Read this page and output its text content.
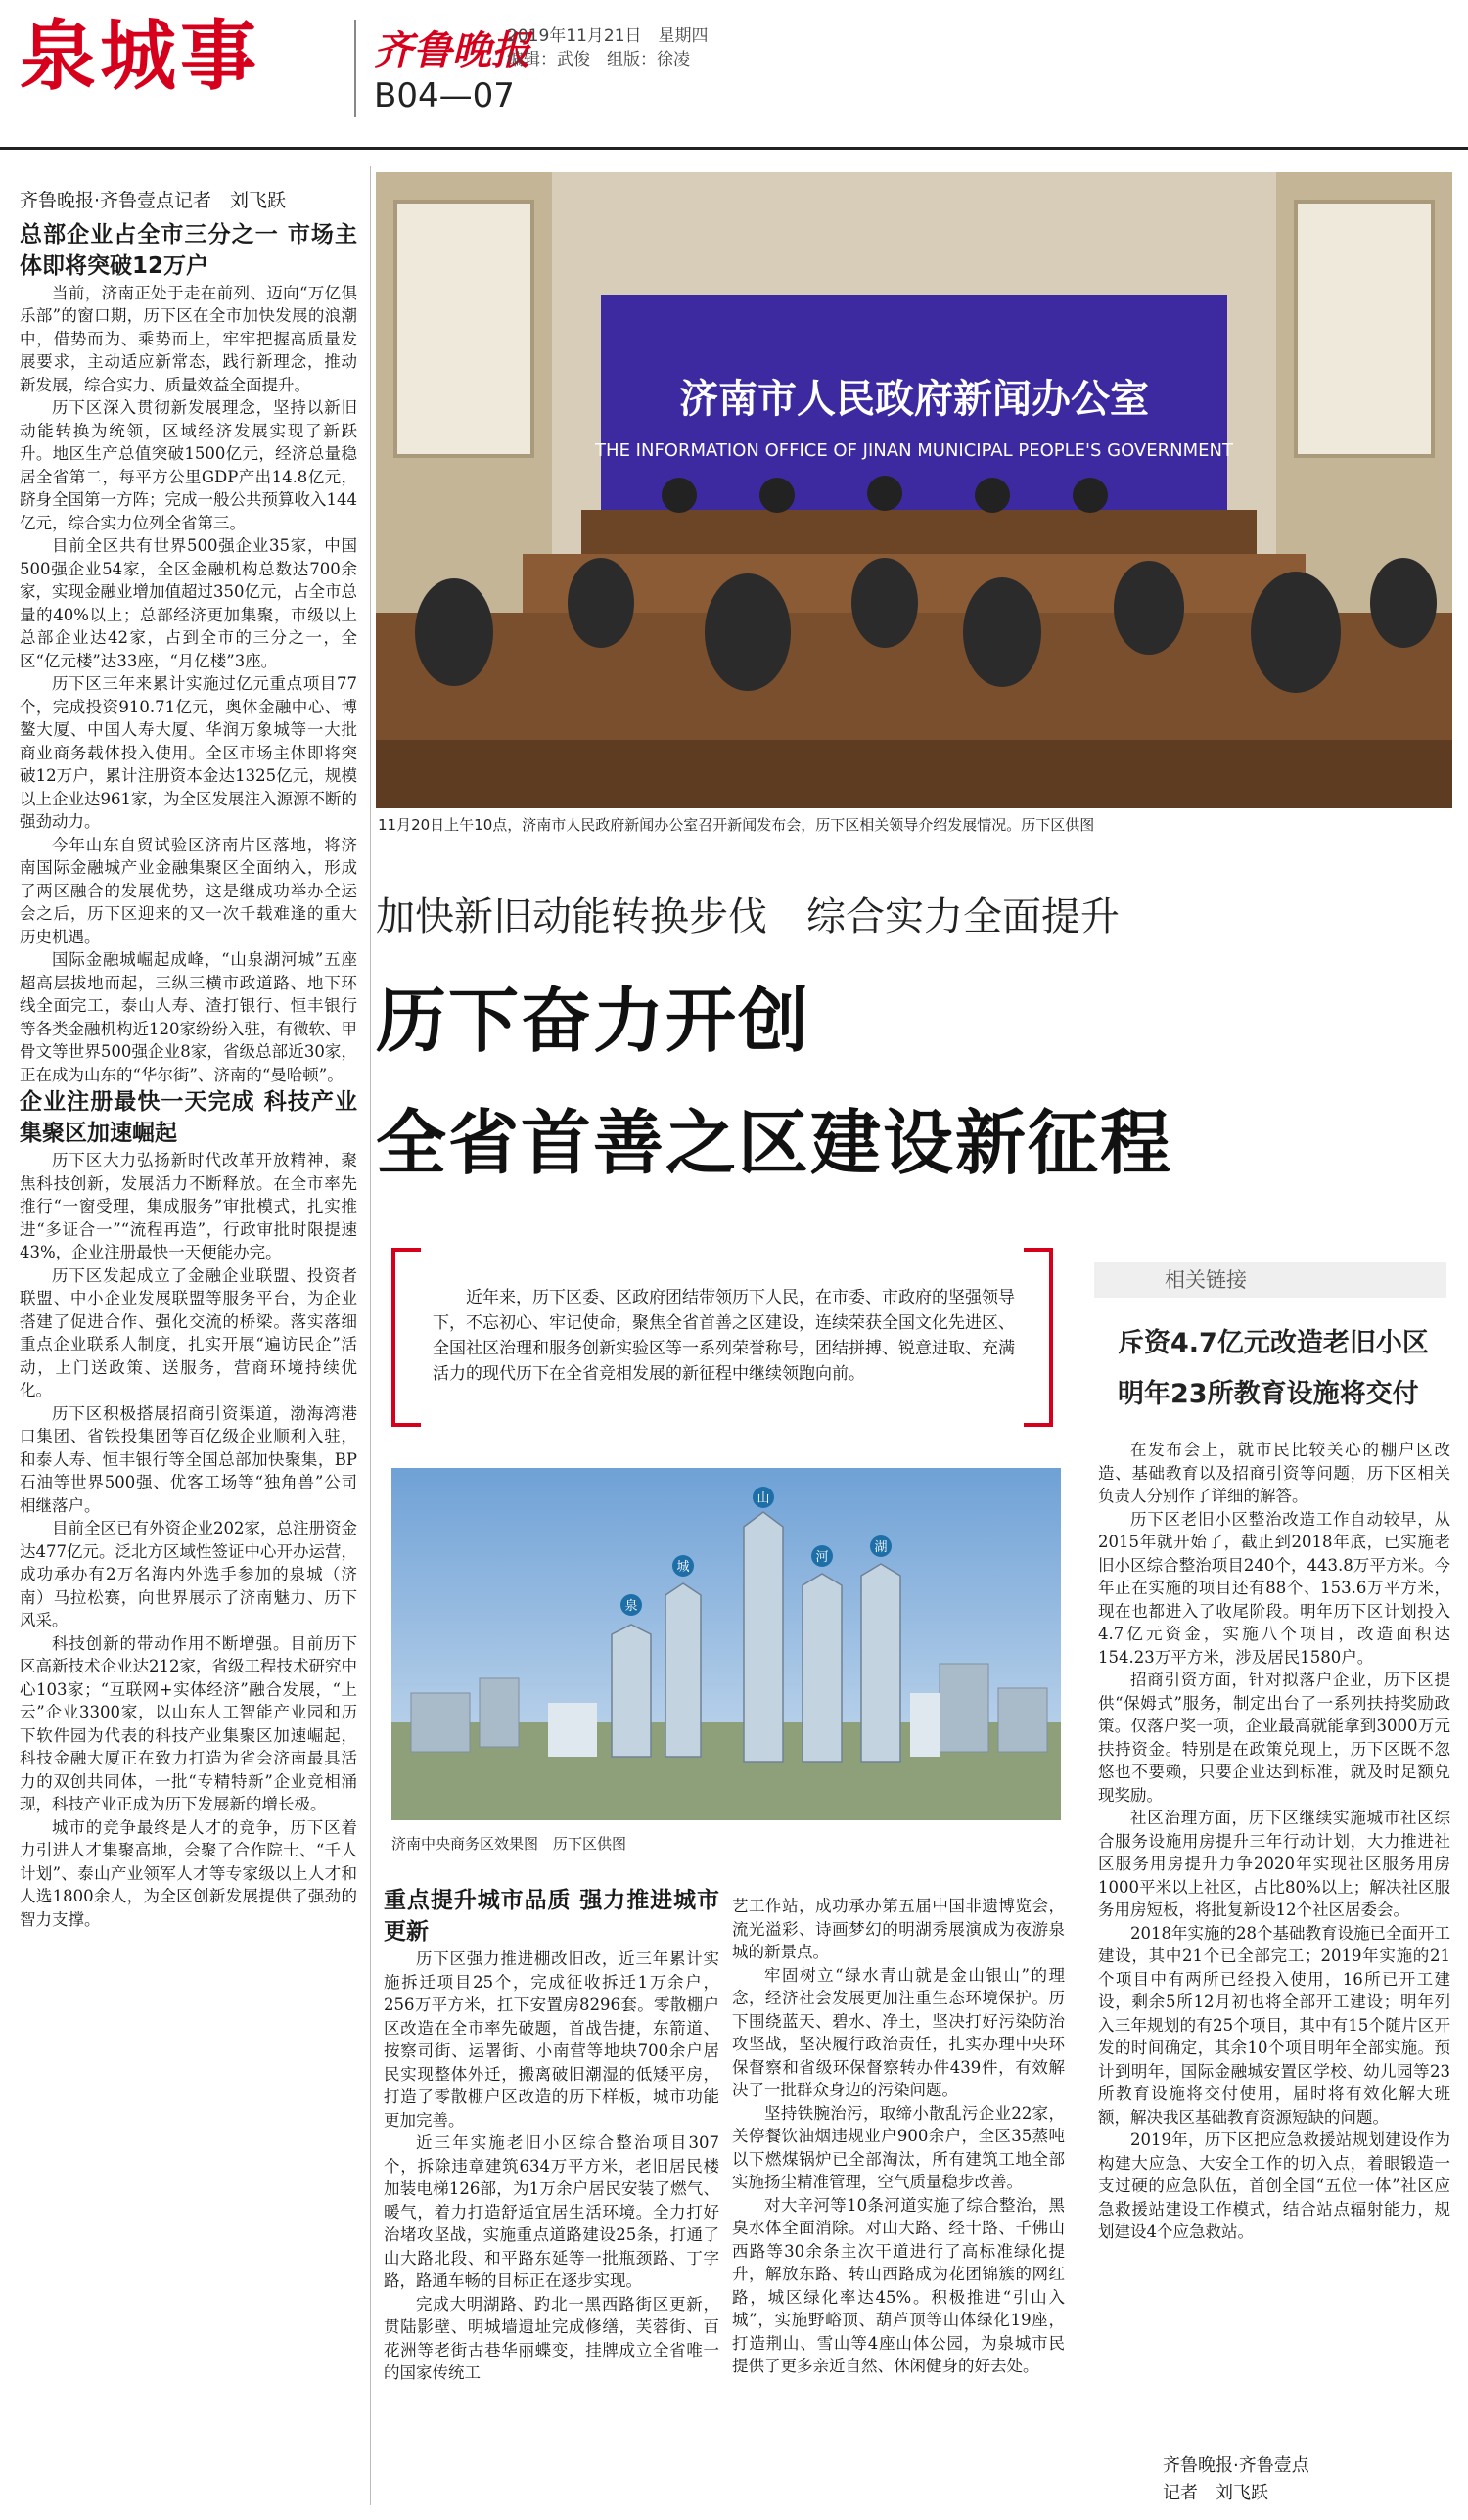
泉城事	齐鲁晚报
2019年11月21日　星期四
编辑：武俊　组版：徐凌
B04—07

齐鲁晚报·齐鲁壹点记者　刘飞跃

总部企业占全市三分之一 市场主体即将突破12万户

当前，济南正处于走在前列、迈向“万亿俱乐部”的窗口期，历下区在全市加快发展的浪潮中，借势而为、乘势而上，牢牢把握高质量发展要求，主动适应新常态，践行新理念，推动新发展，综合实力、质量效益全面提升。

历下区深入贯彻新发展理念，坚持以新旧动能转换为统领，区域经济发展实现了新跃升。地区生产总值突破1500亿元，经济总量稳居全省第二，每平方公里GDP产出14.8亿元，跻身全国第一方阵；完成一般公共预算收入144亿元，综合实力位列全省第三。

目前全区共有世界500强企业35家，中国500强企业54家，全区金融机构总数达700余家，实现金融业增加值超过350亿元，占全市总量的40%以上；总部经济更加集聚，市级以上总部企业达42家，占到全市的三分之一，全区“亿元楼”达33座，“月亿楼”3座。

历下区三年来累计实施过亿元重点项目77个，完成投资910.71亿元，奥体金融中心、博鳌大厦、中国人寿大厦、华润万象城等一大批商业商务载体投入使用。全区市场主体即将突破12万户，累计注册资本金达1325亿元，规模以上企业达961家，为全区发展注入源源不断的强劲动力。

今年山东自贸试验区济南片区落地，将济南国际金融城产业金融集聚区全面纳入，形成了两区融合的发展优势，这是继成功举办全运会之后，历下区迎来的又一次千载难逢的重大历史机遇。

国际金融城崛起成峰，“山泉湖河城”五座超高层拔地而起，三纵三横市政道路、地下环线全面完工，泰山人寿、渣打银行、恒丰银行等各类金融机构近120家纷纷入驻，有微软、甲骨文等世界500强企业8家，省级总部近30家，正在成为山东的“华尔街”、济南的“曼哈顿”。

企业注册最快一天完成 科技产业集聚区加速崛起

历下区大力弘扬新时代改革开放精神，聚焦科技创新，发展活力不断释放。在全市率先推行“一窗受理，集成服务”审批模式，扎实推进“多证合一”“流程再造”，行政审批时限提速43%，企业注册最快一天便能办完。

历下区发起成立了金融企业联盟、投资者联盟、中小企业发展联盟等服务平台，为企业搭建了促进合作、强化交流的桥梁。落实落细重点企业联系人制度，扎实开展“遍访民企”活动，上门送政策、送服务，营商环境持续优化。

历下区积极搭展招商引资渠道，渤海湾港口集团、省铁投集团等百亿级企业顺利入驻，和泰人寿、恒丰银行等全国总部加快聚集，BP石油等世界500强、优客工场等“独角兽”公司相继落户。

目前全区已有外资企业202家，总注册资金达477亿元。泛北方区域性签证中心开办运营，成功承办有2万名海内外选手参加的泉城（济南）马拉松赛，向世界展示了济南魅力、历下风采。

科技创新的带动作用不断增强。目前历下区高新技术企业达212家，省级工程技术研究中心103家；“互联网+实体经济”融合发展，“上云”企业3300家，以山东人工智能产业园和历下软件园为代表的科技产业集聚区加速崛起，科技金融大厦正在致力打造为省会济南最具活力的双创共同体，一批“专精特新”企业竞相涌现，科技产业正成为历下发展新的增长极。

城市的竞争最终是人才的竞争，历下区着力引进人才集聚高地，会聚了合作院士、“千人计划”、泰山产业领军人才等专家级以上人才和人选1800余人，为全区创新发展提供了强劲的智力支撑。

济南市人民政府新闻办公室
THE INFORMATION OFFICE OF JINAN MUNICIPAL PEOPLE'S GOVERNMENT
11月20日上午10点，济南市人民政府新闻办公室召开新闻发布会，历下区相关领导介绍发展情况。历下区供图
加快新旧动能转换步伐　综合实力全面提升
历下奋力开创
全省首善之区建设新征程
近年来，历下区委、区政府团结带领历下人民，在市委、市政府的坚强领导下，不忘初心、牢记使命，聚焦全省首善之区建设，连续荣获全国文化先进区、全国社区治理和服务创新实验区等一系列荣誉称号，团结拼搏、锐意进取、充满活力的现代历下在全省竞相发展的新征程中继续领跑向前。
泉
城
山
河
湖
济南中央商务区效果图　历下区供图

重点提升城市品质 强力推进城市更新

历下区强力推进棚改旧改，近三年累计实施拆迁项目25个，完成征收拆迁1万余户，256万平方米，扛下安置房8296套。零散棚户区改造在全市率先破题，首战告捷，东箭道、按察司街、运署街、小南营等地块700余户居民实现整体外迁，搬离破旧潮湿的低矮平房，打造了零散棚户区改造的历下样板，城市功能更加完善。

近三年实施老旧小区综合整治项目307个，拆除违章建筑634万平方米，老旧居民楼加装电梯126部，为1万余户居民安装了燃气、暖气，着力打造舒适宜居生活环境。全力打好治堵攻坚战，实施重点道路建设25条，打通了山大路北段、和平路东延等一批瓶颈路、丁字路，路通车畅的目标正在逐步实现。

完成大明湖路、趵北一黑西路街区更新，贯陆影壁、明城墙遗址完成修缮，芙蓉街、百花洲等老街古巷华丽蝶变，挂牌成立全省唯一的国家传统工

艺工作站，成功承办第五届中国非遗博览会，流光溢彩、诗画梦幻的明湖秀展演成为夜游泉城的新景点。

牢固树立“绿水青山就是金山银山”的理念，经济社会发展更加注重生态环境保护。历下围绕蓝天、碧水、净土，坚决打好污染防治攻坚战，坚决履行政治责任，扎实办理中央环保督察和省级环保督察转办件439件，有效解决了一批群众身边的污染问题。

坚持铁腕治污，取缔小散乱污企业22家，关停餐饮油烟违规业户900余户，全区35蒸吨以下燃煤锅炉已全部淘汰，所有建筑工地全部实施扬尘精准管理，空气质量稳步改善。

对大辛河等10条河道实施了综合整治，黑臭水体全面消除。对山大路、经十路、千佛山西路等30余条主次干道进行了高标准绿化提升，解放东路、转山西路成为花团锦簇的网红路，城区绿化率达45%。积极推进“引山入城”，实施野峪顶、葫芦顶等山体绿化19座，打造荆山、雪山等4座山体公园，为泉城市民提供了更多亲近自然、休闲健身的好去处。

相关链接
斥资4.7亿元改造老旧小区
明年23所教育设施将交付

在发布会上，就市民比较关心的棚户区改造、基础教育以及招商引资等问题，历下区相关负责人分别作了详细的解答。

历下区老旧小区整治改造工作自动较早，从2015年就开始了，截止到2018年底，已实施老旧小区综合整治项目240个，443.8万平方米。今年正在实施的项目还有88个、153.6万平方米，现在也都进入了收尾阶段。明年历下区计划投入4.7亿元资金，实施八个项目，改造面积达154.23万平方米，涉及居民1580户。

招商引资方面，针对拟落户企业，历下区提供“保姆式”服务，制定出台了一系列扶持奖励政策。仅落户奖一项，企业最高就能拿到3000万元扶持资金。特别是在政策兑现上，历下区既不忽悠也不要赖，只要企业达到标准，就及时足额兑现奖励。

社区治理方面，历下区继续实施城市社区综合服务设施用房提升三年行动计划，大力推进社区服务用房提升力争2020年实现社区服务用房1000平米以上社区，占比80%以上；解决社区服务用房短板，将批复新设12个社区居委会。

2018年实施的28个基础教育设施已全面开工建设，其中21个已全部完工；2019年实施的21个项目中有两所已经投入使用，16所已开工建设，剩余5所12月初也将全部开工建设；明年列入三年规划的有25个项目，其中有15个随片区开发的时间确定，其余10个项目明年全部实施。预计到明年，国际金融城安置区学校、幼儿园等23所教育设施将交付使用，届时将有效化解大班额，解决我区基础教育资源短缺的问题。

2019年，历下区把应急救援站规划建设作为构建大应急、大安全工作的切入点，着眼锻造一支过硬的应急队伍，首创全国“五位一体”社区应急救援站建设工作模式，结合站点辐射能力，规划建设4个应急救站。

齐鲁晚报·齐鲁壹点
记者　刘飞跃
